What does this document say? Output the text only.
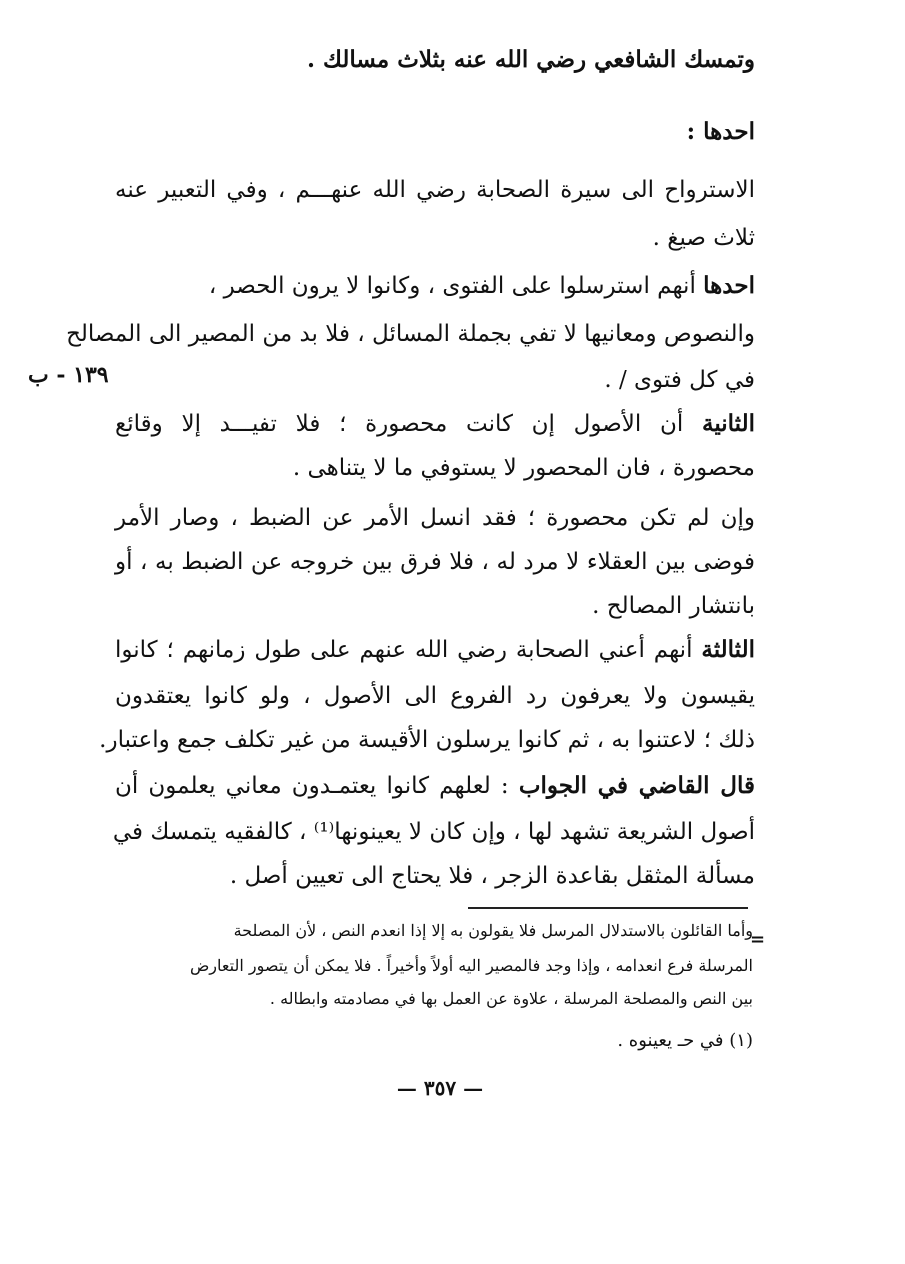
وتمسك الشافعي رضي الله عنه بثلاث مسالك .
احدها :
الاسترواح الى سيرة الصحابة رضي الله عنهـــم ، وفي التعبير عنه
ثلاث صيغ .
احدها أنهم استرسلوا على الفتوى ، وكانوا لا يرون الحصر ،
والنصوص ومعانيها لا تفي بجملة المسائل ، فلا بد من المصير الى المصالح
في كل فتوى / .
١٣٩ - ب
الثانية أن الأصول إن كانت محصورة ؛ فلا تفيـــد إلا وقائع
محصورة ، فان المحصور لا يستوفي ما لا يتناهى .
وإن لم تكن محصورة ؛ فقد انسل الأمر عن الضبط ، وصار الأمر
فوضى بين العقلاء لا مرد له ، فلا فرق بين خروجه عن الضبط به ، أو
بانتشار المصالح .
الثالثة أنهم أعني الصحابة رضي الله عنهم على طول زمانهم ؛ كانوا
يقيسون ولا يعرفون رد الفروع الى الأصول ، ولو كانوا يعتقدون
ذلك ؛ لاعتنوا به ، ثم كانوا يرسلون الأقيسة من غير تكلف جمع واعتبار.
قال القاضي في الجواب : لعلهم كانوا يعتمـدون معاني يعلمون أن
أصول الشريعة تشهد لها ، وإن كان لا يعينونها⁽¹⁾ ، كالفقيه يتمسك في
مسألة المثقل بقاعدة الزجر ، فلا يحتاج الى تعيين أصل .
=
وأما القائلون بالاستدلال المرسل فلا يقولون به إلا إذا انعدم النص ، لأن المصلحة
المرسلة فرع انعدامه ، وإذا وجد فالمصير اليه أولاً وأخيراً . فلا يمكن أن يتصور التعارض
بين النص والمصلحة المرسلة ، علاوة عن العمل بها في مصادمته وابطاله .
(١) في حـ يعينوه .
— ٣٥٧ —
